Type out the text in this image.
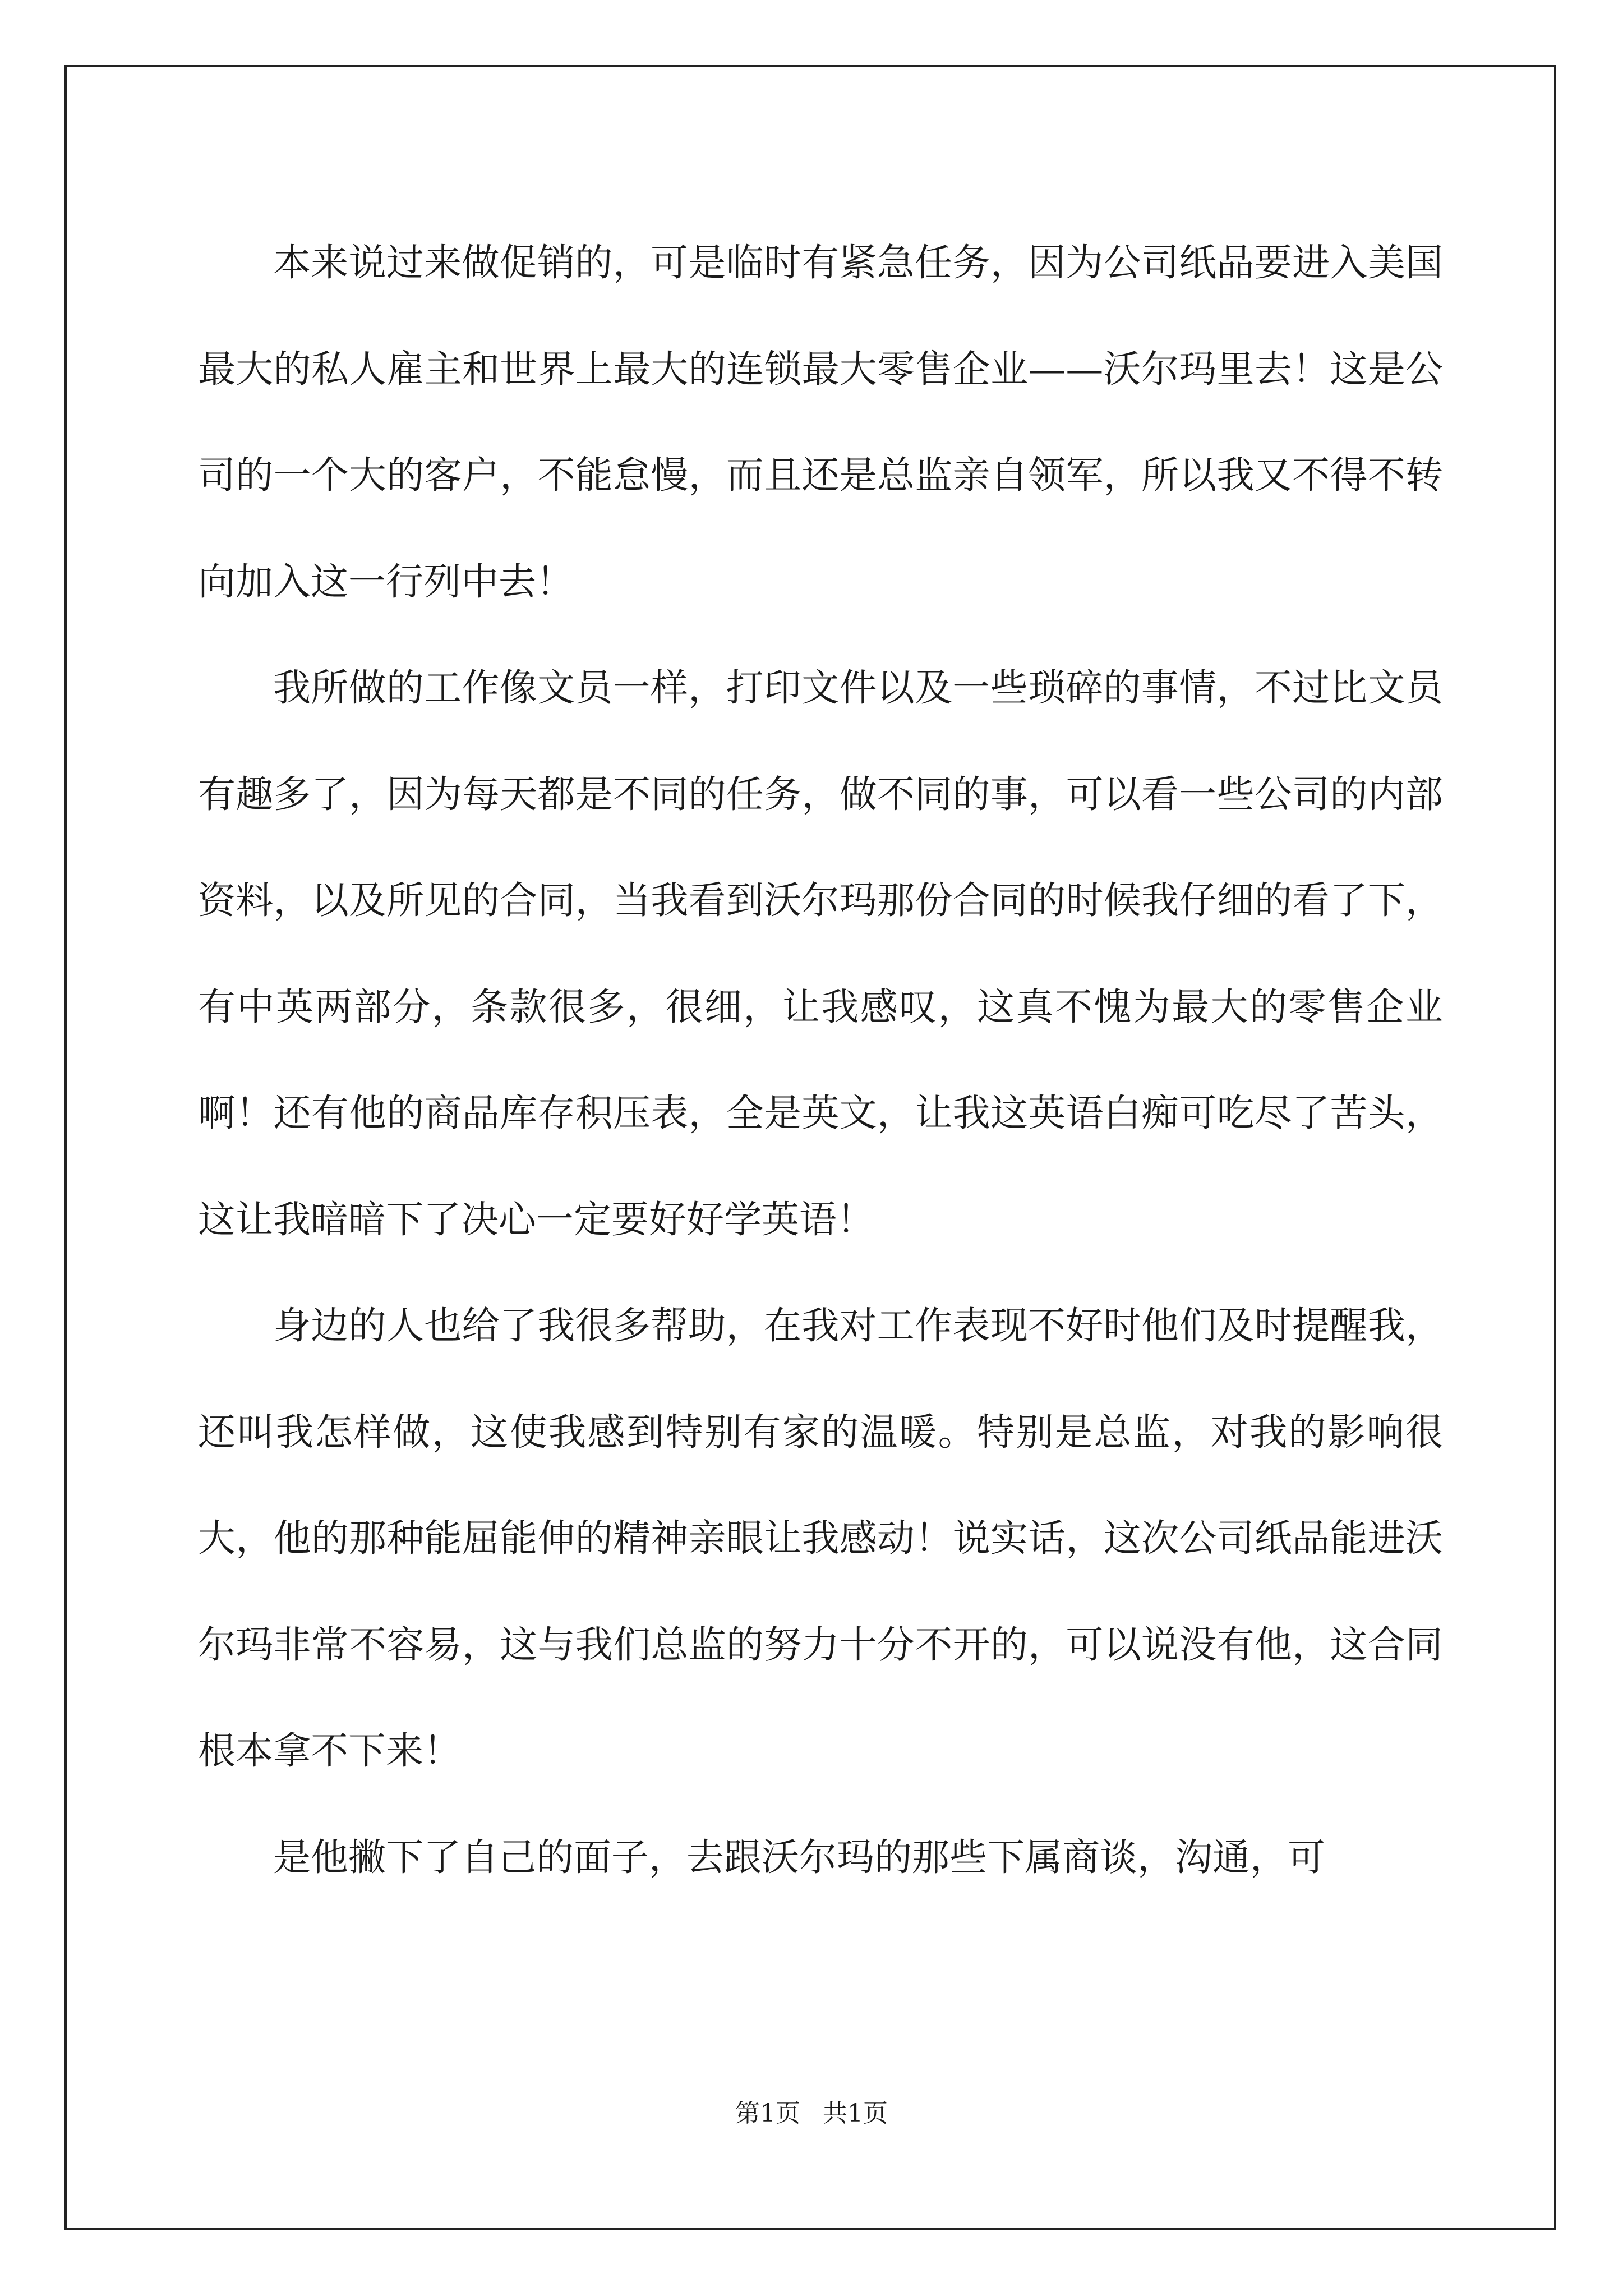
本来说过来做促销的，可是临时有紧急任务，因为公司纸品要进入美国最大的私人雇主和世界上最大的连锁最大零售企业——沃尔玛里去！这是公司的一个大的客户，不能怠慢，而且还是总监亲自领军，所以我又不得不转向加入这一行列中去！

我所做的工作像文员一样，打印文件以及一些琐碎的事情，不过比文员有趣多了，因为每天都是不同的任务，做不同的事，可以看一些公司的内部资料，以及所见的合同，当我看到沃尔玛那份合同的时候我仔细的看了下，有中英两部分，条款很多，很细，让我感叹，这真不愧为最大的零售企业啊！还有他的商品库存积压表，全是英文，让我这英语白痴可吃尽了苦头，这让我暗暗下了决心一定要好好学英语！

身边的人也给了我很多帮助，在我对工作表现不好时他们及时提醒我，还叫我怎样做，这使我感到特别有家的温暖。特别是总监，对我的影响很大，他的那种能屈能伸的精神亲眼让我感动！说实话，这次公司纸品能进沃尔玛非常不容易，这与我们总监的努力十分不开的，可以说没有他，这合同根本拿不下来！

是他撇下了自己的面子，去跟沃尔玛的那些下属商谈，沟通，可

第1页 共1页
